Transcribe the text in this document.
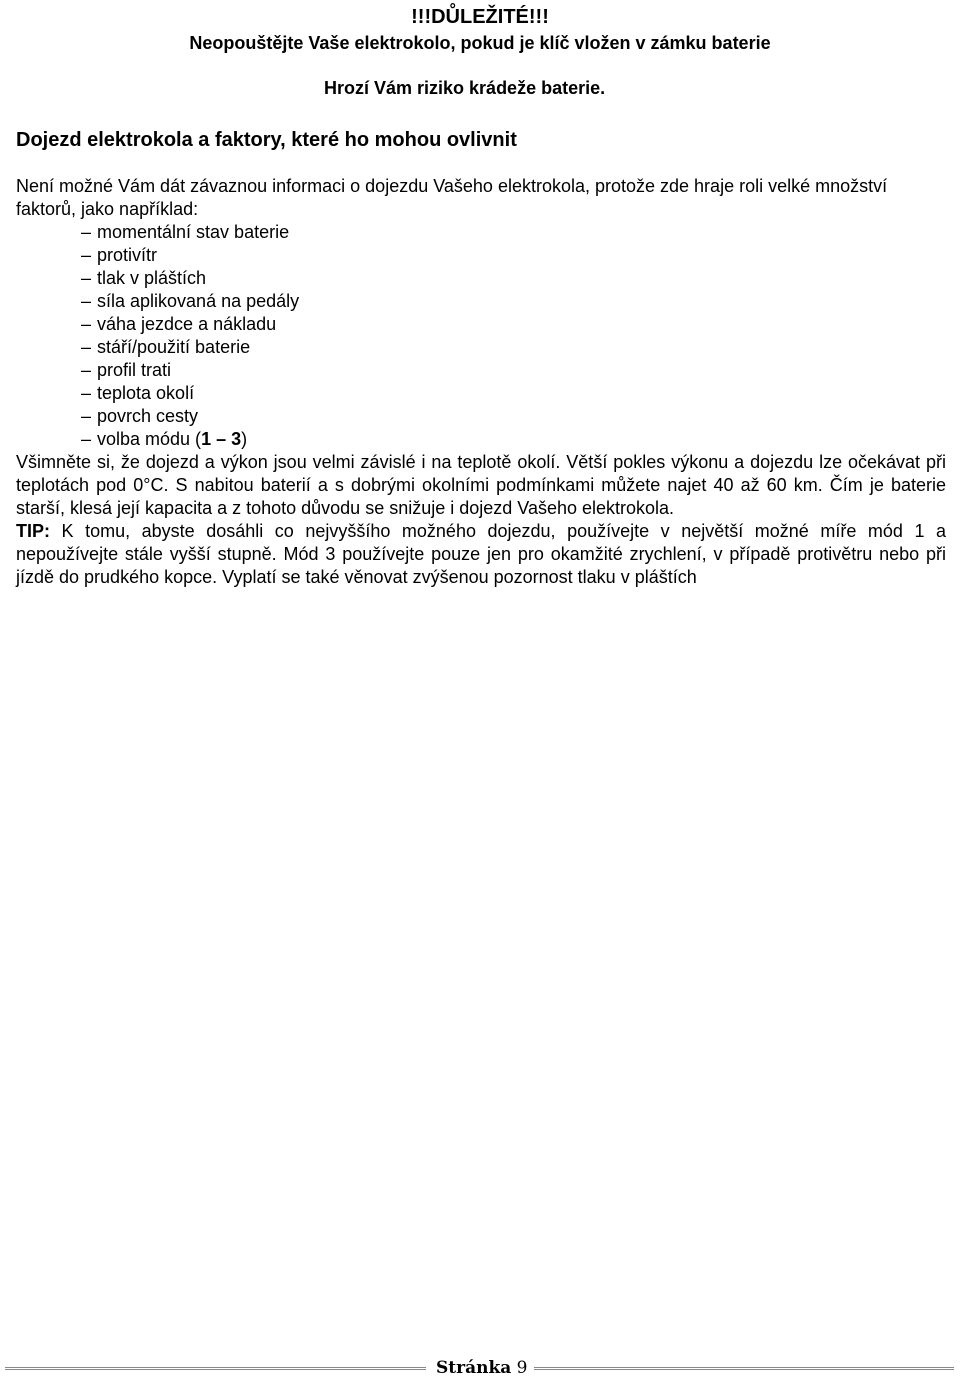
!!!DŮLEŽITÉ!!!
Neopouštějte Vaše elektrokolo, pokud je klíč vložen v zámku baterie
Hrozí Vám riziko krádeže baterie.
Dojezd elektrokola a faktory, které ho mohou ovlivnit

Není možné Vám dát závaznou informaci o dojezdu Vašeho elektrokola, protože zde hraje roli velké množství faktorů, jako například:

– momentální stav baterie
– protivítr
– tlak v pláštích
– síla aplikovaná na pedály
– váha jezdce a nákladu
– stáří/použití baterie
– profil trati
– teplota okolí
– povrch cesty
– volba módu (1 – 3)

Všimněte si, že dojezd a výkon jsou velmi závislé i na teplotě okolí. Větší pokles výkonu a dojezdu lze očekávat při teplotách pod 0°C. S nabitou baterií a s dobrými okolními podmínkami můžete najet 40 až 60 km. Čím je baterie starší, klesá její kapacita a z tohoto důvodu se snižuje i dojezd Vašeho elektrokola.

TIP: K tomu, abyste dosáhli co nejvyššího možného dojezdu, používejte v největší možné míře mód 1 a nepoužívejte stále vyšší stupně. Mód 3 používejte pouze jen pro okamžité zrychlení, v případě protivětru nebo při jízdě do prudkého kopce. Vyplatí se také věnovat zvýšenou pozornost tlaku v pláštích

Stránka 9
